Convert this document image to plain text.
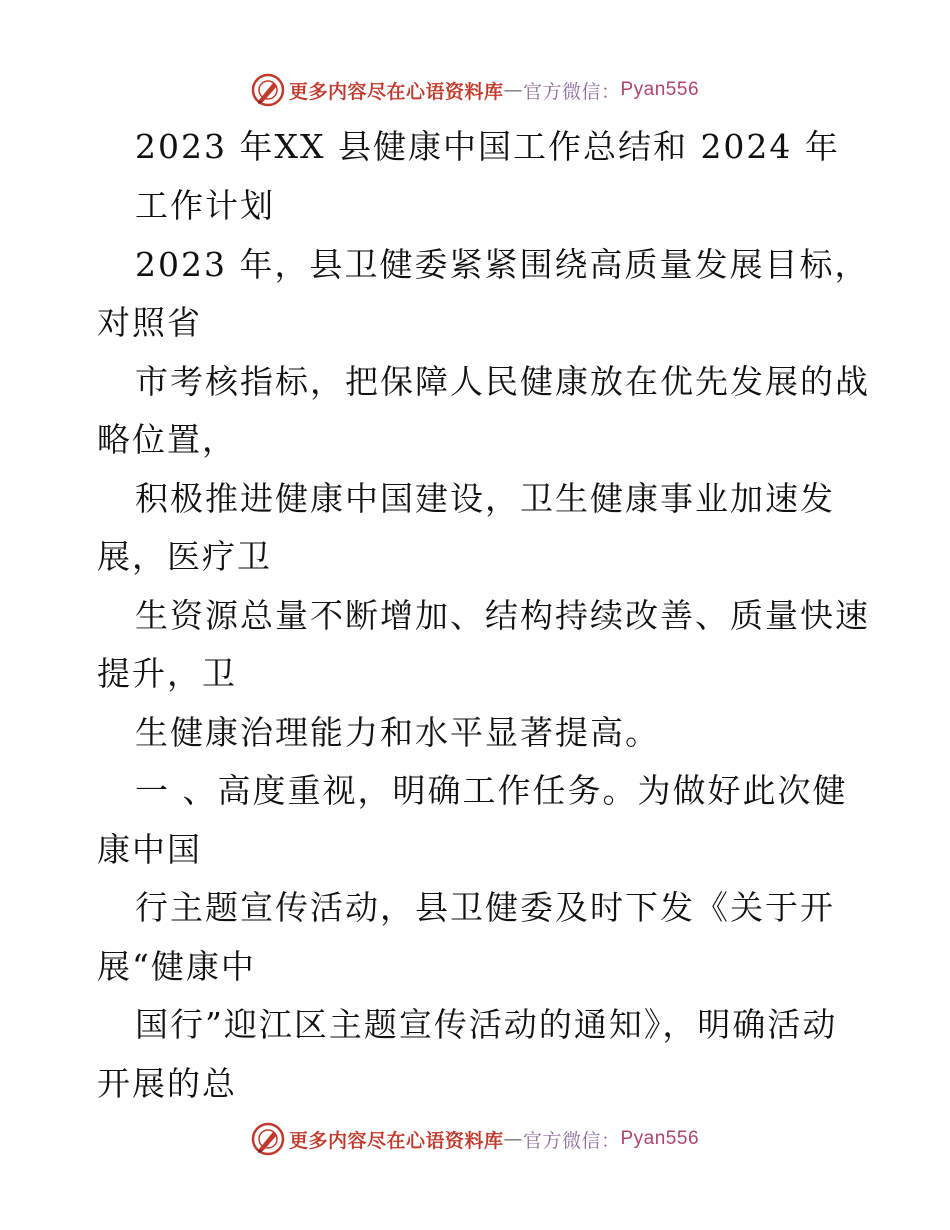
更多内容尽在心语资料库 — 官方微信： Pyan556
2023 年XX 县健康中国工作总结和 2024 年
工作计划
2023 年，县卫健委紧紧围绕高质量发展目标，
对照省
市考核指标，把保障人民健康放在优先发展的战
略位置，
积极推进健康中国建设，卫生健康事业加速发
展，医疗卫
生资源总量不断增加、结构持续改善、质量快速
提升，卫
生健康治理能力和水平显著提高。
一 、高度重视，明确工作任务。为做好此次健
康中国
行主题宣传活动，县卫健委及时下发《关于开
展“健康中
国行”迎江区主题宣传活动的通知》，明确活动
开展的总
更多内容尽在心语资料库 — 官方微信： Pyan556
